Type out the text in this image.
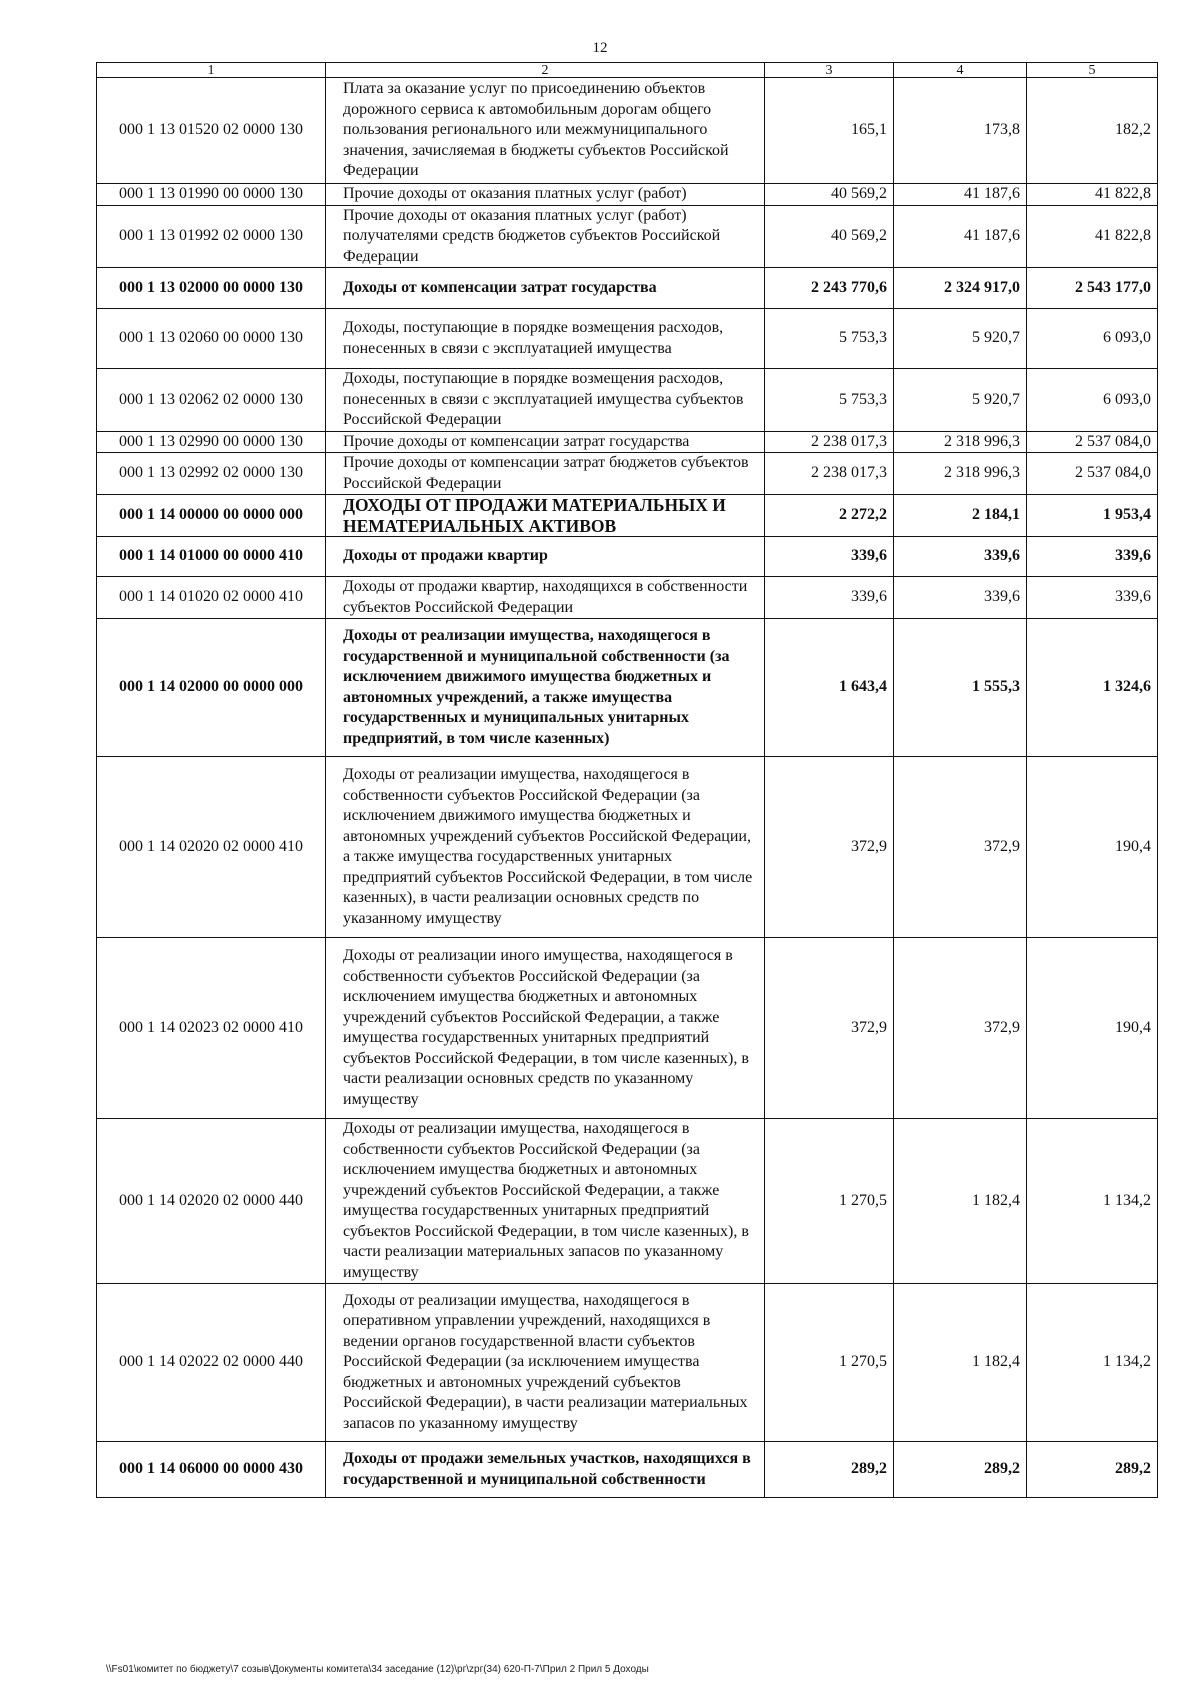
12
1	2	3	4	5
000 1 13 01520 02 0000 130	Плата за оказание услуг по присоединению объектов дорожного сервиса к автомобильным дорогам общего пользования регионального или межмуниципального значения, зачисляемая в бюджеты субъектов Российской Федерации	165,1	173,8	182,2
000 1 13 01990 00 0000 130	Прочие доходы от оказания платных услуг (работ)	40 569,2	41 187,6	41 822,8
000 1 13 01992 02 0000 130	Прочие доходы от оказания платных услуг (работ) получателями средств бюджетов субъектов Российской Федерации	40 569,2	41 187,6	41 822,8
000 1 13 02000 00 0000 130	Доходы от компенсации затрат государства	2 243 770,6	2 324 917,0	2 543 177,0
000 1 13 02060 00 0000 130	Доходы, поступающие в порядке возмещения расходов, понесенных в связи с эксплуатацией имущества	5 753,3	5 920,7	6 093,0
000 1 13 02062 02 0000 130	Доходы, поступающие в порядке возмещения расходов, понесенных в связи с эксплуатацией имущества субъектов Российской Федерации	5 753,3	5 920,7	6 093,0
000 1 13 02990 00 0000 130	Прочие доходы от компенсации затрат государства	2 238 017,3	2 318 996,3	2 537 084,0
000 1 13 02992 02 0000 130	Прочие доходы от компенсации затрат бюджетов субъектов Российской Федерации	2 238 017,3	2 318 996,3	2 537 084,0
000 1 14 00000 00 0000 000	ДОХОДЫ ОТ ПРОДАЖИ МАТЕРИАЛЬНЫХ И НЕМАТЕРИАЛЬНЫХ АКТИВОВ	2 272,2	2 184,1	1 953,4
000 1 14 01000 00 0000 410	Доходы от продажи квартир	339,6	339,6	339,6
000 1 14 01020 02 0000 410	Доходы от продажи квартир, находящихся в собственности субъектов Российской Федерации	339,6	339,6	339,6
000 1 14 02000 00 0000 000	Доходы от реализации имущества, находящегося в государственной и муниципальной собственности (за исключением движимого имущества бюджетных и автономных учреждений, а также имущества государственных и муниципальных унитарных предприятий, в том числе казенных)	1 643,4	1 555,3	1 324,6
000 1 14 02020 02 0000 410	Доходы от реализации имущества, находящегося в собственности субъектов Российской Федерации (за исключением движимого имущества бюджетных и автономных учреждений субъектов Российской Федерации, а также имущества государственных унитарных предприятий субъектов Российской Федерации, в том числе казенных), в части реализации основных средств по указанному имуществу	372,9	372,9	190,4
000 1 14 02023 02 0000 410	Доходы от реализации иного имущества, находящегося в собственности субъектов Российской Федерации (за исключением имущества бюджетных и автономных учреждений субъектов Российской Федерации, а также имущества государственных унитарных предприятий субъектов Российской Федерации, в том числе казенных), в части реализации основных средств по указанному имуществу	372,9	372,9	190,4
000 1 14 02020 02 0000 440	Доходы от реализации имущества, находящегося в собственности субъектов Российской Федерации (за исключением имущества бюджетных и автономных учреждений субъектов Российской Федерации, а также имущества государственных унитарных предприятий субъектов Российской Федерации, в том числе казенных), в части реализации материальных запасов по указанному имуществу	1 270,5	1 182,4	1 134,2
000 1 14 02022 02 0000 440	Доходы от реализации имущества, находящегося в оперативном управлении учреждений, находящихся в ведении органов государственной власти субъектов Российской Федерации (за исключением имущества бюджетных и автономных учреждений субъектов Российской Федерации), в части реализации материальных запасов по указанному имуществу	1 270,5	1 182,4	1 134,2
000 1 14 06000 00 0000 430	Доходы от продажи земельных участков, находящихся в государственной и муниципальной собственности	289,2	289,2	289,2
\\Fs01\комитет по бюджету\7 созыв\Документы комитета\34 заседание (12)\рг\zрг(34) 620-П-7\Прил 2 Прил 5 Доходы
